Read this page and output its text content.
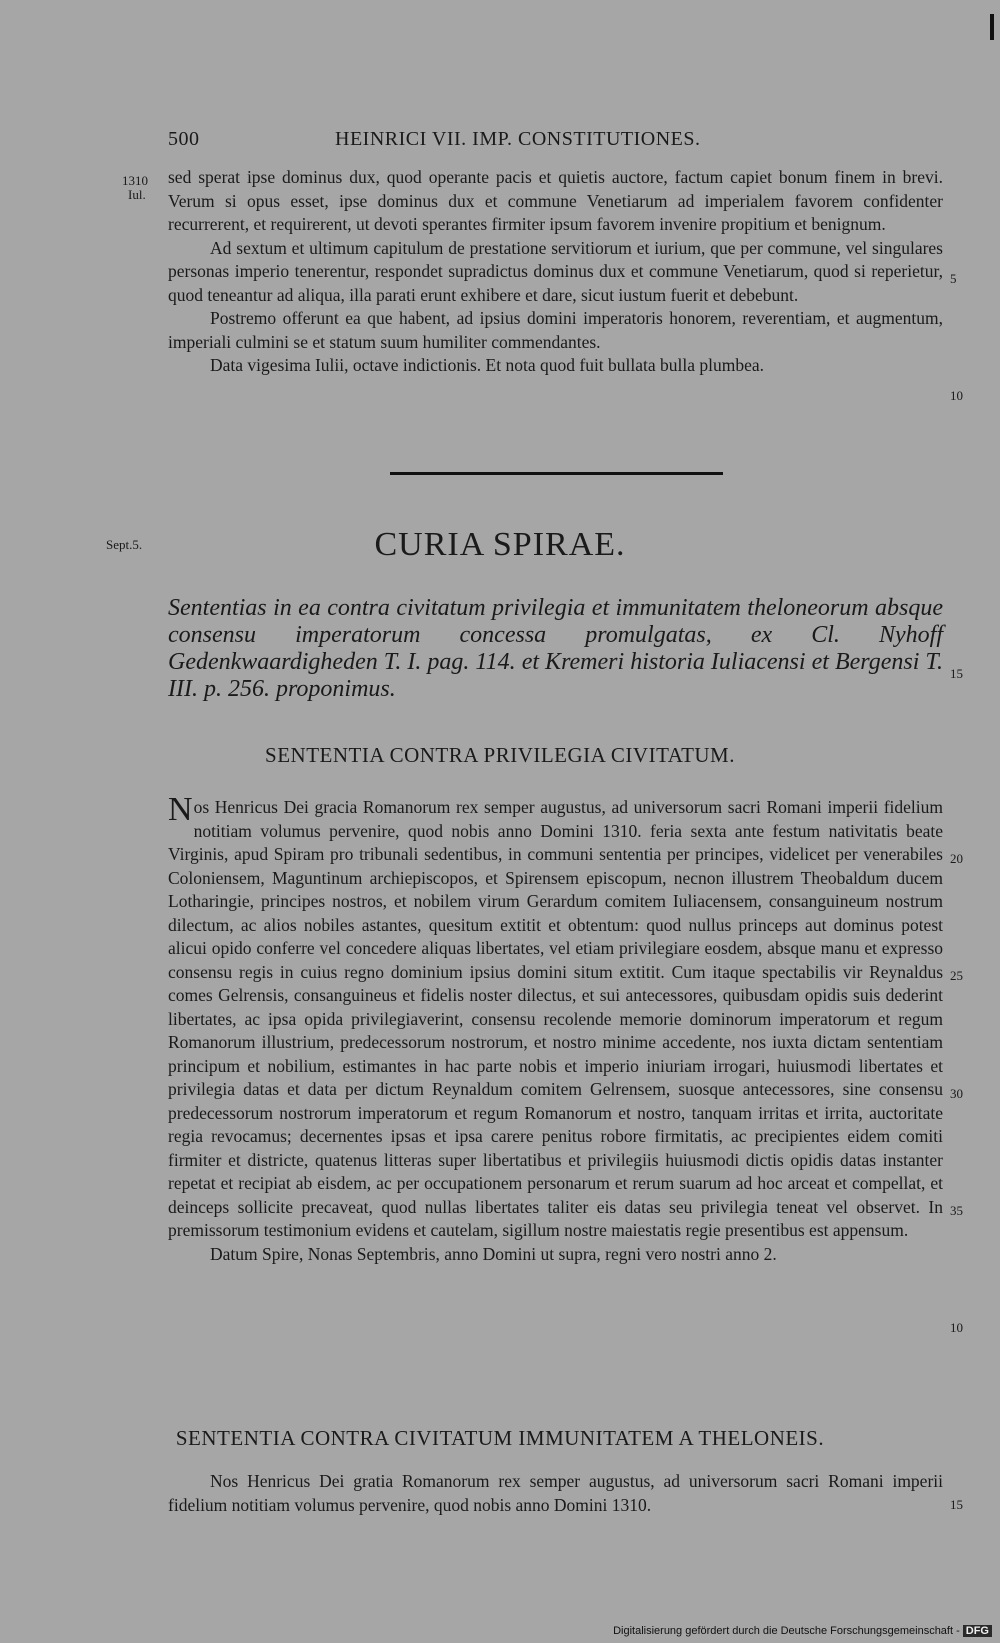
500	HEINRICI VII. IMP. CONSTITUTIONES.
1310
Iul.
Sept.5.
5
10
15
20
25
30
35
10
15

sed sperat ipse dominus dux, quod operante pacis et quietis auctore, factum capiet bonum finem in brevi. Verum si opus esset, ipse dominus dux et commune Venetiarum ad imperialem favorem confidenter recurrerent, et requirerent, ut devoti sperantes firmiter ipsum favorem invenire propitium et benignum.

Ad sextum et ultimum capitulum de prestatione servitiorum et iurium, que per commune, vel singulares personas imperio tenerentur, respondet supradictus dominus dux et commune Venetiarum, quod si reperietur, quod teneantur ad aliqua, illa parati erunt exhibere et dare, sicut iustum fuerit et debebunt.

Postremo offerunt ea que habent, ad ipsius domini imperatoris honorem, reverentiam, et augmentum, imperiali culmini se et statum suum humiliter commendantes.

Data vigesima Iulii, octave indictionis. Et nota quod fuit bullata bulla plumbea.

CURIA SPIRAE.
Sententias in ea contra civitatum privilegia et immunitatem theloneorum absque consensu imperatorum concessa promulgatas, ex Cl. Nyhoff Gedenkwaardigheden T. I. pag. 114. et Kremeri historia Iuliacensi et Bergensi T. III. p. 256. proponimus.
SENTENTIA CONTRA PRIVILEGIA CIVITATUM.

Nos Henricus Dei gracia Romanorum rex semper augustus, ad universorum sacri Romani imperii fidelium notitiam volumus pervenire, quod nobis anno Domini 1310. feria sexta ante festum nativitatis beate Virginis, apud Spiram pro tribunali sedentibus, in communi sententia per principes, videlicet per venerabiles Coloniensem, Maguntinum archiepiscopos, et Spirensem episcopum, necnon illustrem Theobaldum ducem Lotharingie, principes nostros, et nobilem virum Gerardum comitem Iuliacensem, consanguineum nostrum dilectum, ac alios nobiles astantes, quesitum extitit et obtentum: quod nullus princeps aut dominus potest alicui opido conferre vel concedere aliquas libertates, vel etiam privilegiare eosdem, absque manu et expresso consensu regis in cuius regno dominium ipsius domini situm extitit. Cum itaque spectabilis vir Reynaldus comes Gelrensis, consanguineus et fidelis noster dilectus, et sui antecessores, quibusdam opidis suis dederint libertates, ac ipsa opida privilegiaverint, consensu recolende memorie dominorum imperatorum et regum Romanorum illustrium, predecessorum nostrorum, et nostro minime accedente, nos iuxta dictam sententiam principum et nobilium, estimantes in hac parte nobis et imperio iniuriam irrogari, huiusmodi libertates et privilegia datas et data per dictum Reynaldum comitem Gelrensem, suosque antecessores, sine consensu predecessorum nostrorum imperatorum et regum Romanorum et nostro, tanquam irritas et irrita, auctoritate regia revocamus; decernentes ipsas et ipsa carere penitus robore firmitatis, ac precipientes eidem comiti firmiter et districte, quatenus litteras super libertatibus et privilegiis huiusmodi dictis opidis datas instanter repetat et recipiat ab eisdem, ac per occupationem personarum et rerum suarum ad hoc arceat et compellat, et deinceps sollicite precaveat, quod nullas libertates taliter eis datas seu privilegia teneat vel observet. In premissorum testimonium evidens et cautelam, sigillum nostre maiestatis regie presentibus est appensum.

Datum Spire, Nonas Septembris, anno Domini ut supra, regni vero nostri anno 2.

SENTENTIA CONTRA CIVITATUM IMMUNITATEM A THELONEIS.

Nos Henricus Dei gratia Romanorum rex semper augustus, ad universorum sacri Romani imperii fidelium notitiam volumus pervenire, quod nobis anno Domini 1310.

Digitalisierung gefördert durch die Deutsche Forschungsgemeinschaft - DFG
